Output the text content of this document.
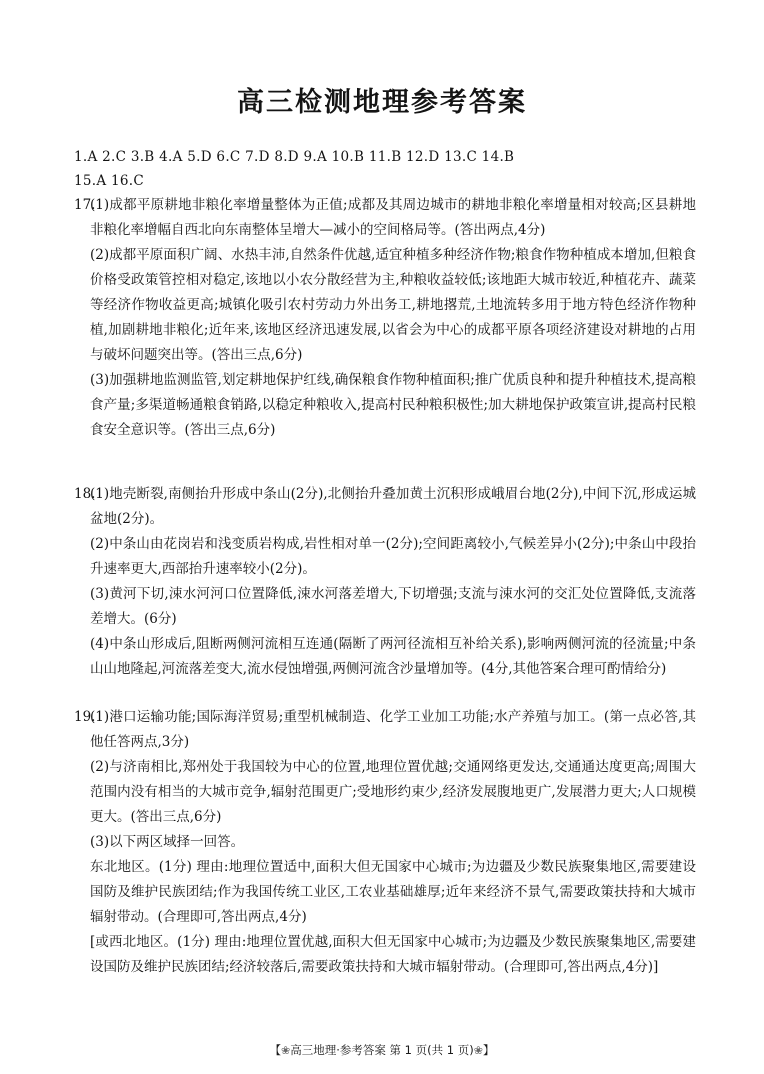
高三检测地理参考答案
1.A 2.C 3.B 4.A 5.D 6.C 7.D 8.D 9.A 10.B 11.B 12.D 13.C 14.B
15.A 16.C
17.
(1)成都平原耕地非粮化率增量整体为正值;成都及其周边城市的耕地非粮化率增量相对较高;区县耕地非粮化率增幅自西北向东南整体呈增大—减小的空间格局等。(答出两点,4分)
(2)成都平原面积广阔、水热丰沛,自然条件优越,适宜种植多种经济作物;粮食作物种植成本增加,但粮食价格受政策管控相对稳定,该地以小农分散经营为主,种粮收益较低;该地距大城市较近,种植花卉、蔬菜等经济作物收益更高;城镇化吸引农村劳动力外出务工,耕地撂荒,土地流转多用于地方特色经济作物种植,加剧耕地非粮化;近年来,该地区经济迅速发展,以省会为中心的成都平原各项经济建设对耕地的占用与破坏问题突出等。(答出三点,6分)
(3)加强耕地监测监管,划定耕地保护红线,确保粮食作物种植面积;推广优质良种和提升种植技术,提高粮食产量;多渠道畅通粮食销路,以稳定种粮收入,提高村民种粮积极性;加大耕地保护政策宣讲,提高村民粮食安全意识等。(答出三点,6分)
18.
(1)地壳断裂,南侧抬升形成中条山(2分),北侧抬升叠加黄土沉积形成峨眉台地(2分),中间下沉,形成运城盆地(2分)。
(2)中条山由花岗岩和浅变质岩构成,岩性相对单一(2分);空间距离较小,气候差异小(2分);中条山中段抬升速率更大,西部抬升速率较小(2分)。
(3)黄河下切,涑水河河口位置降低,涑水河落差增大,下切增强;支流与涑水河的交汇处位置降低,支流落差增大。(6分)
(4)中条山形成后,阻断两侧河流相互连通(隔断了两河径流相互补给关系),影响两侧河流的径流量;中条山山地隆起,河流落差变大,流水侵蚀增强,两侧河流含沙量增加等。(4分,其他答案合理可酌情给分)
19.
(1)港口运输功能;国际海洋贸易;重型机械制造、化学工业加工功能;水产养殖与加工。(第一点必答,其他任答两点,3分)
(2)与济南相比,郑州处于我国较为中心的位置,地理位置优越;交通网络更发达,交通通达度更高;周围大范围内没有相当的大城市竞争,辐射范围更广;受地形约束少,经济发展腹地更广,发展潜力更大;人口规模更大。(答出三点,6分)
(3)以下两区域择一回答。
东北地区。(1分) 理由:地理位置适中,面积大但无国家中心城市;为边疆及少数民族聚集地区,需要建设国防及维护民族团结;作为我国传统工业区,工农业基础雄厚;近年来经济不景气,需要政策扶持和大城市辐射带动。(合理即可,答出两点,4分)
[或西北地区。(1分) 理由:地理位置优越,面积大但无国家中心城市;为边疆及少数民族聚集地区,需要建设国防及维护民族团结;经济较落后,需要政策扶持和大城市辐射带动。(合理即可,答出两点,4分)]
【❀高三地理·参考答案 第 1 页(共 1 页)❀】
